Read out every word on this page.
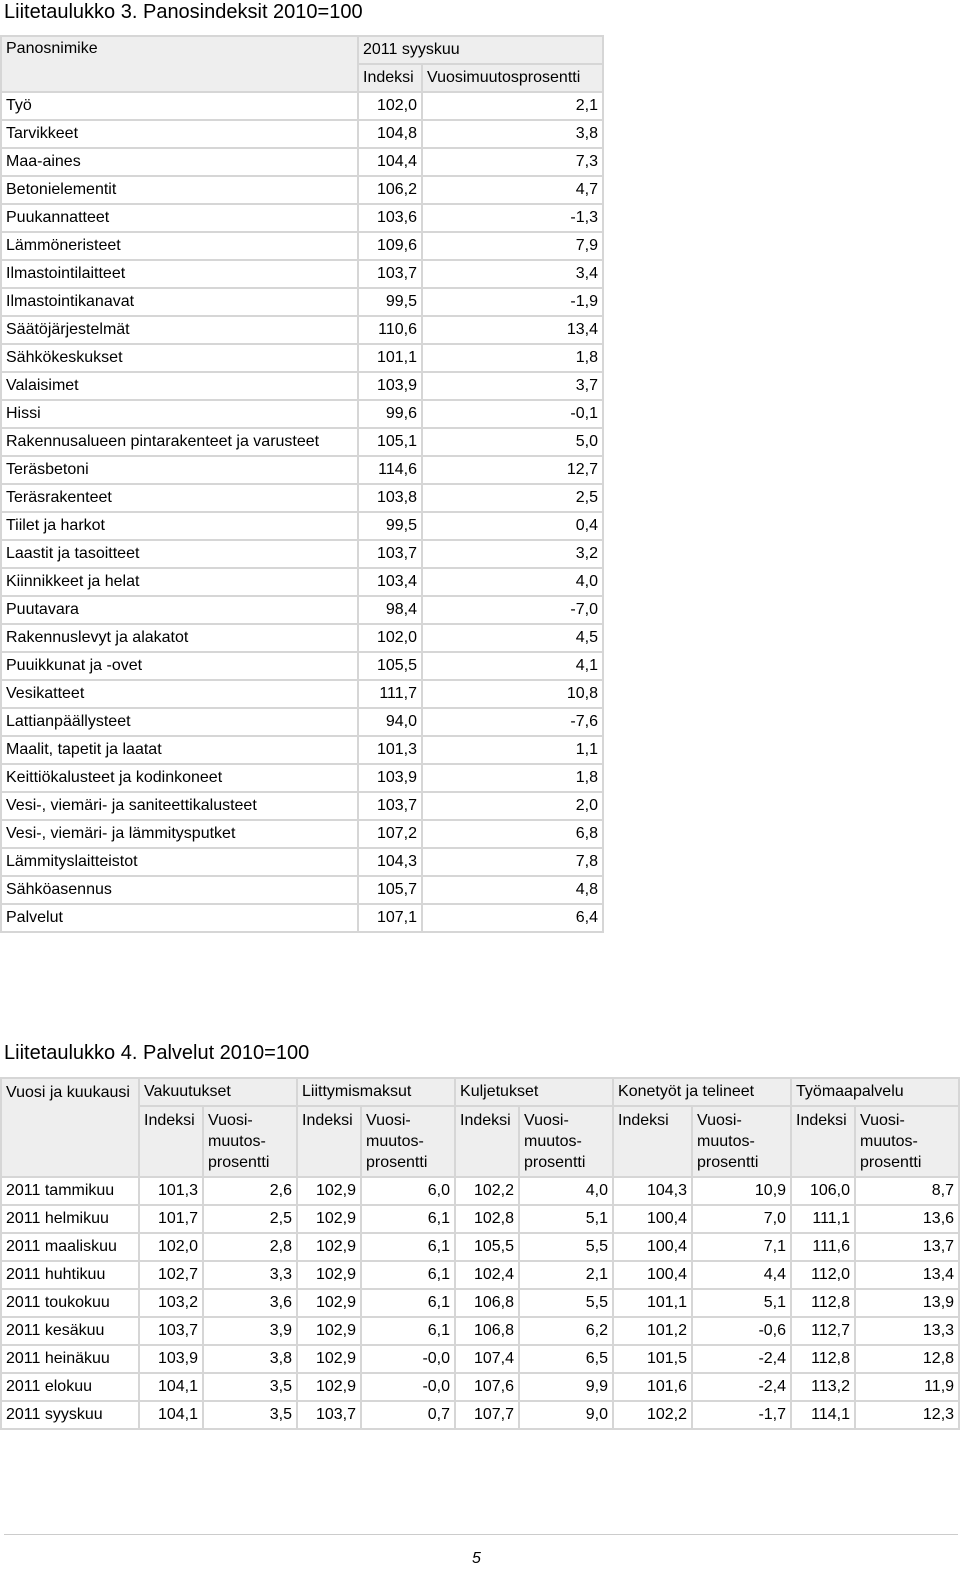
Liitetaulukko 3. Panosindeksit 2010=100
Panosnimike	2011 syyskuu	
	Indeksi	Vuosimuutosprosentti
Työ	102,0	2,1
Tarvikkeet	104,8	3,8
Maa-aines	104,4	7,3
Betonielementit	106,2	4,7
Puukannatteet	103,6	-1,3
Lämmöneristeet	109,6	7,9
Ilmastointilaitteet	103,7	3,4
Ilmastointikanavat	99,5	-1,9
Säätöjärjestelmät	110,6	13,4
Sähkökeskukset	101,1	1,8
Valaisimet	103,9	3,7
Hissi	99,6	-0,1
Rakennusalueen pintarakenteet ja varusteet	105,1	5,0
Teräsbetoni	114,6	12,7
Teräsrakenteet	103,8	2,5
Tiilet ja harkot	99,5	0,4
Laastit ja tasoitteet	103,7	3,2
Kiinnikkeet ja helat	103,4	4,0
Puutavara	98,4	-7,0
Rakennuslevyt ja alakatot	102,0	4,5
Puuikkunat ja -ovet	105,5	4,1
Vesikatteet	111,7	10,8
Lattianpäällysteet	94,0	-7,6
Maalit, tapetit ja laatat	101,3	1,1
Keittiökalusteet ja kodinkoneet	103,9	1,8
Vesi-, viemäri- ja saniteettikalusteet	103,7	2,0
Vesi-, viemäri- ja lämmitysputket	107,2	6,8
Lämmityslaitteistot	104,3	7,8
Sähköasennus	105,7	4,8
Palvelut	107,1	6,4
Liitetaulukko 4. Palvelut 2010=100
Vuosi ja kuukausi	Vakuutukset		Liittymismaksut		Kuljetukset		Konetyöt ja telineet		Työmaapalvelu	
	Indeksi	Vuosi- muutos- prosentti	Indeksi	Vuosi- muutos- prosentti	Indeksi	Vuosi- muutos- prosentti	Indeksi	Vuosi- muutos- prosentti	Indeksi	Vuosi- muutos- prosentti
2011 tammikuu	101,3	2,6	102,9	6,0	102,2	4,0	104,3	10,9	106,0	8,7
2011 helmikuu	101,7	2,5	102,9	6,1	102,8	5,1	100,4	7,0	111,1	13,6
2011 maaliskuu	102,0	2,8	102,9	6,1	105,5	5,5	100,4	7,1	111,6	13,7
2011 huhtikuu	102,7	3,3	102,9	6,1	102,4	2,1	100,4	4,4	112,0	13,4
2011 toukokuu	103,2	3,6	102,9	6,1	106,8	5,5	101,1	5,1	112,8	13,9
2011 kesäkuu	103,7	3,9	102,9	6,1	106,8	6,2	101,2	-0,6	112,7	13,3
2011 heinäkuu	103,9	3,8	102,9	-0,0	107,4	6,5	101,5	-2,4	112,8	12,8
2011 elokuu	104,1	3,5	102,9	-0,0	107,6	9,9	101,6	-2,4	113,2	11,9
2011 syyskuu	104,1	3,5	103,7	0,7	107,7	9,0	102,2	-1,7	114,1	12,3
5
